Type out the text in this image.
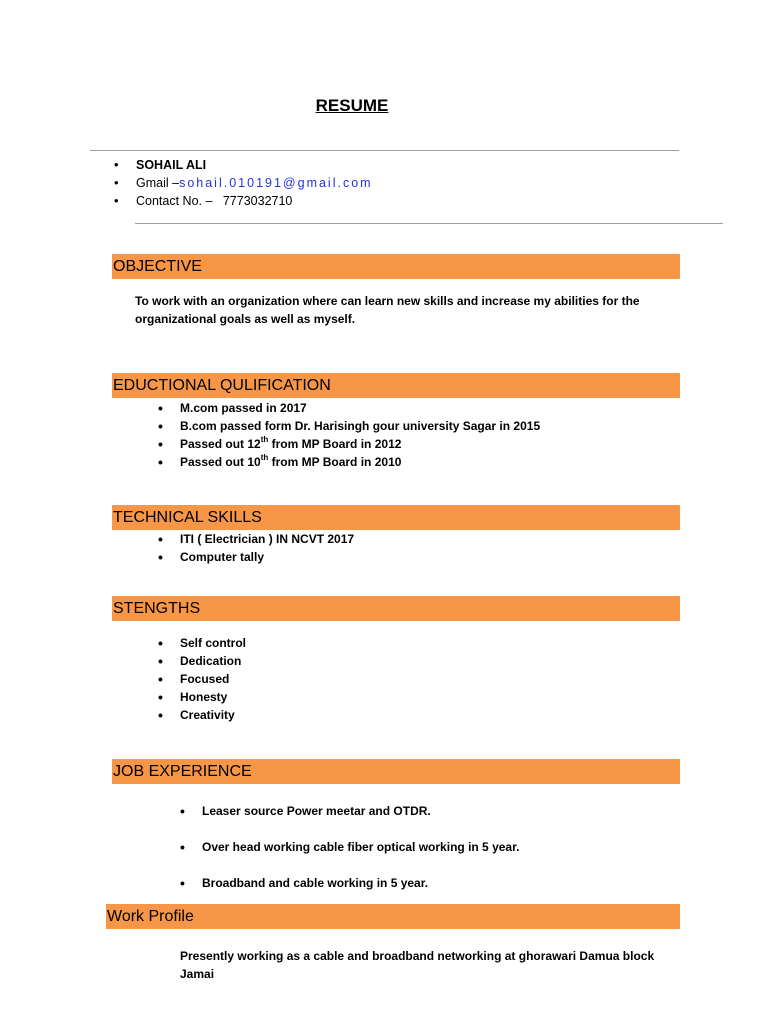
RESUME
• SOHAIL ALI
• Gmail –sohail.010191@gmail.com
• Contact No. – 7773032710
OBJECTIVE
To work with an organization where can learn new skills and increase my abilities for the organizational goals as well as myself.
EDUCTIONAL QULIFICATION
• M.com passed in 2017
• B.com passed form Dr. Harisingh gour university Sagar in 2015
• Passed out 12th from MP Board in 2012
• Passed out 10th from MP Board in 2010
TECHNICAL SKILLS
• ITI ( Electrician ) IN NCVT 2017
• Computer tally
STENGTHS
• Self control
• Dedication
• Focused
• Honesty
• Creativity
JOB EXPERIENCE
• Leaser source Power meetar and OTDR.
• Over head working cable fiber optical working in 5 year.
• Broadband and cable working in 5 year.
Work Profile
Presently working as a cable and broadband networking at ghorawari Damua block Jamai
